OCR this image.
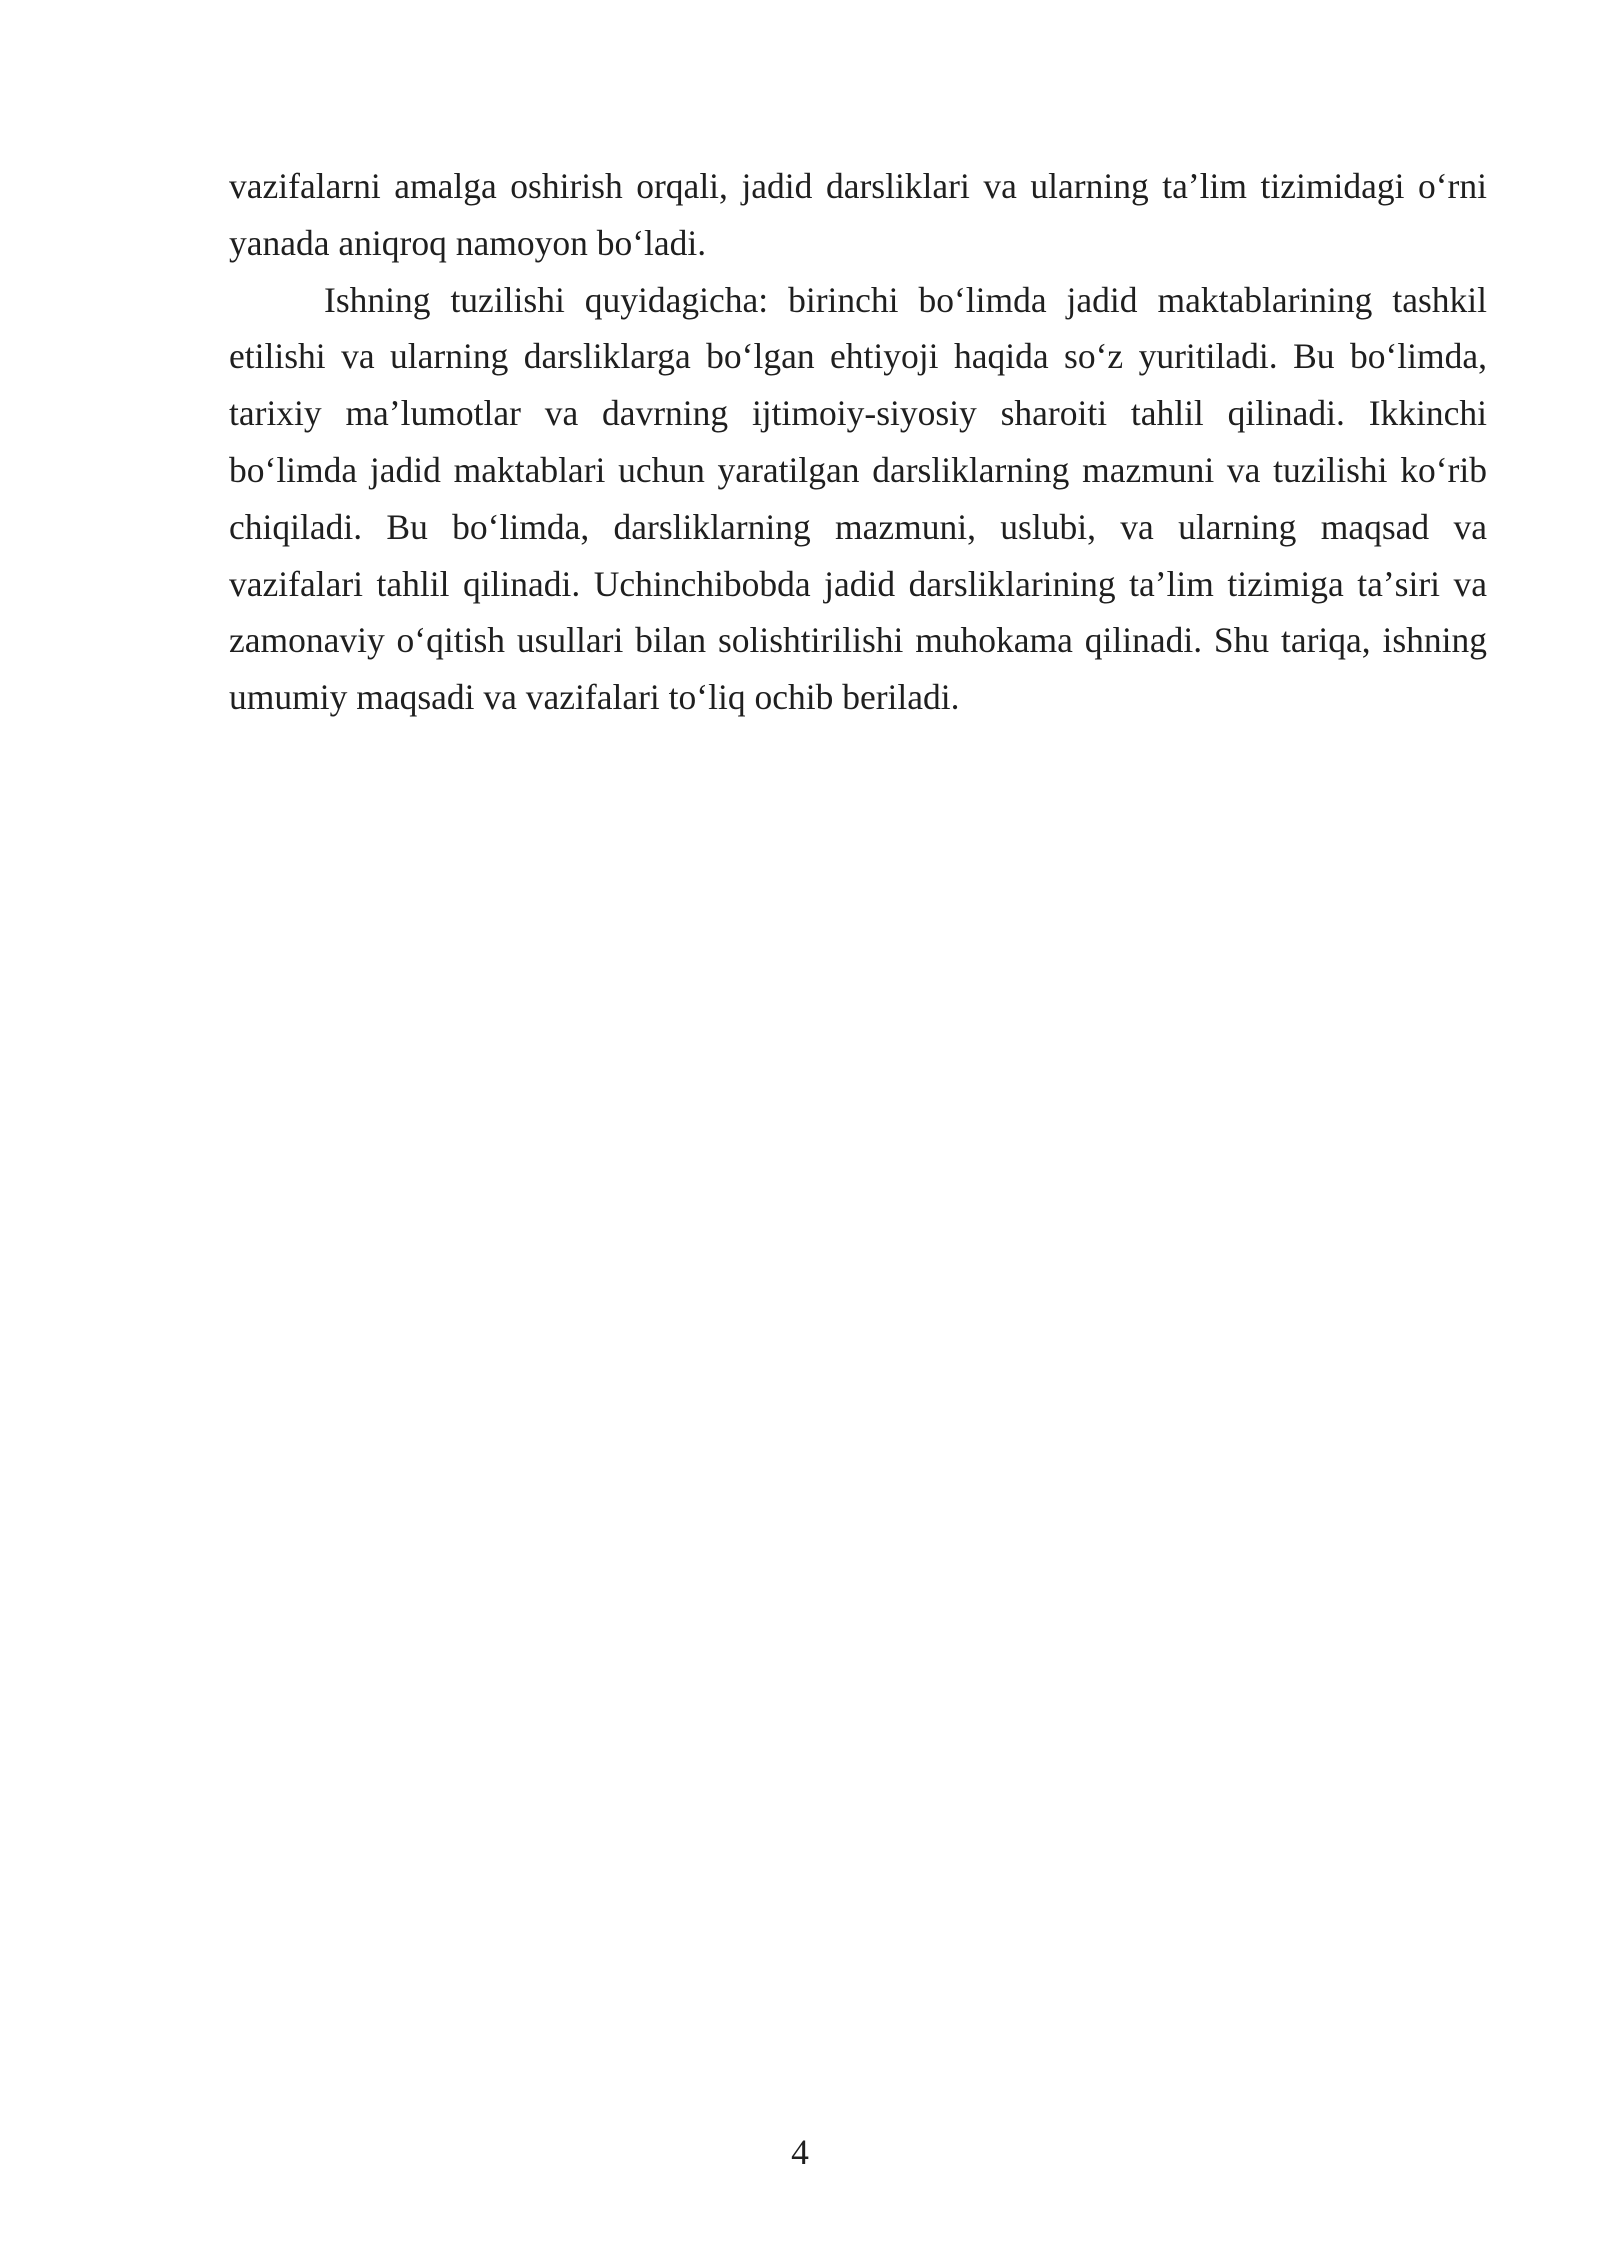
vazifalarni amalga oshirish orqali, jadid darsliklari va ularning taʼlim tizimidagi oʻrni yanada aniqroq namoyon boʻladi.

Ishning tuzilishi quyidagicha: birinchi boʻlimda jadid maktablarining tashkil etilishi va ularning darsliklarga boʻlgan ehtiyoji haqida soʻz yuritiladi. Bu boʻlimda, tarixiy maʼlumotlar va davrning ijtimoiy-siyosiy sharoiti tahlil qilinadi. Ikkinchi boʻlimda jadid maktablari uchun yaratilgan darsliklarning mazmuni va tuzilishi koʻrib chiqiladi. Bu boʻlimda, darsliklarning mazmuni, uslubi, va ularning maqsad va vazifalari tahlil qilinadi. Uchinchibobda jadid darsliklarining taʼlim tizimiga taʼsiri va zamonaviy oʻqitish usullari bilan solishtirilishi muhokama qilinadi. Shu tariqa, ishning umumiy maqsadi va vazifalari toʻliq ochib beriladi.

4
